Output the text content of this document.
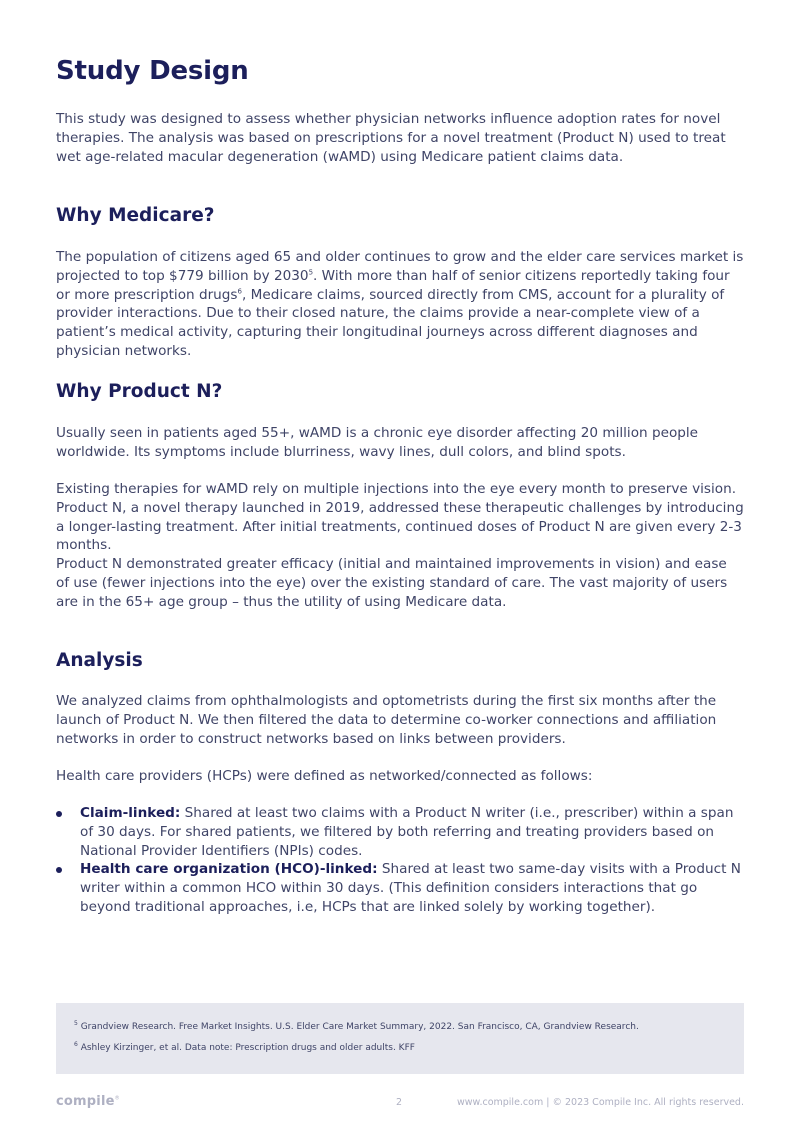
Study Design

This study was designed to assess whether physician networks influence adoption rates for novel therapies. The analysis was based on prescriptions for a novel treatment (Product N) used to treat wet age-related macular degeneration (wAMD) using Medicare patient claims data.

Why Medicare?

The population of citizens aged 65 and older continues to grow and the elder care services market is projected to top $779 billion by 2030$^5$. With more than half of senior citizens reportedly taking four or more prescription drugs$^6$, Medicare claims, sourced directly from CMS, account for a plurality of provider interactions. Due to their closed nature, the claims provide a near-complete view of a patient’s medical activity, capturing their longitudinal journeys across different diagnoses and physician networks.

Why Product N?

Usually seen in patients aged 55+, wAMD is a chronic eye disorder affecting 20 million people worldwide. Its symptoms include blurriness, wavy lines, dull colors, and blind spots.

Existing therapies for wAMD rely on multiple injections into the eye every month to preserve vision. Product N, a novel therapy launched in 2019, addressed these therapeutic challenges by introducing a longer-lasting treatment. After initial treatments, continued doses of Product N are given every 2-3 months.

Product N demonstrated greater efficacy (initial and maintained improvements in vision) and ease of use (fewer injections into the eye) over the existing standard of care. The vast majority of users are in the 65+ age group – thus the utility of using Medicare data.

Analysis

We analyzed claims from ophthalmologists and optometrists during the first six months after the launch of Product N. We then filtered the data to determine co-worker connections and affiliation networks in order to construct networks based on links between providers.

Health care providers (HCPs) were defined as networked/connected as follows:

Claim-linked: Shared at least two claims with a Product N writer (i.e., prescriber) within a span of 30 days. For shared patients, we filtered by both referring and treating providers based on National Provider Identifiers (NPIs) codes.
Health care organization (HCO)-linked: Shared at least two same-day visits with a Product N writer within a common HCO within 30 days. (This definition considers interactions that go beyond traditional approaches, i.e, HCPs that are linked solely by working together).

$^5$ Grandview Research. Free Market Insights. U.S. Elder Care Market Summary, 2022. San Francisco, CA, Grandview Research.

$^6$ Ashley Kirzinger, et al. Data note: Prescription drugs and older adults. KFF

compile®	2	www.compile.com | © 2023 Compile Inc. All rights reserved.
